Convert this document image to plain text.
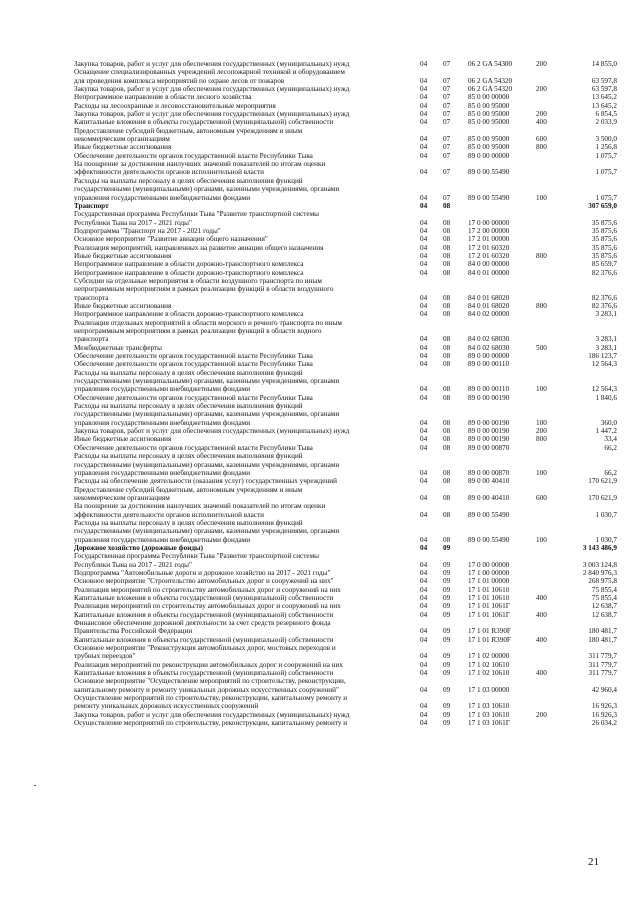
Закупка товаров, работ и услуг для обеспечения государственных (муниципальных) нужд	04 07 06 2 GA 54300	200	14 855,0
Оснащение специализированных учреждений лесопожарной техникой и оборудованием
для проведения комплекса мероприятий по охране лесов от пожаров	04 07 06 2 GA 54320	63 597,8
Закупка товаров, работ и услуг для обеспечения государственных (муниципальных) нужд	04 07 06 2 GA 54320	200	63 597,8
Непрограммное направление в области лесного хозяйства	04 07 85 0 00 00000	13 645,2
Расходы на лесоохранные и лесовосстановительные мероприятия	04 07 85 0 00 95000	13 645,2
Закупка товаров, работ и услуг для обеспечения государственных (муниципальных) нужд	04 07 85 0 00 95000	200	6 854,5
Капитальные вложения в объекты государственной (муниципальной) собственности	04 07 85 0 00 95000	400	2 033,9
Предоставление субсидий бюджетным, автономным учреждениям и иным
некоммерческим организациям	04 07 85 0 00 95000	600	3 500,0
Иные бюджетные ассигнования	04 07 85 0 00 95000	800	1 256,8
Обеспечение деятельности органов государственной власти Республики Тыва	04 07 89 0 00 00000	1 075,7
На поощрение за достижения наилучших значений показателей по итогам оценки
эффективности деятельности органов исполнительной власти	04 07 89 0 00 55490	1 075,7
Расходы на выплаты персоналу в целях обеспечения выполнения функций
государственными (муниципальными) органами, казенными учреждениями, органами
управления государственными внебюджетными фондами	04 07 89 0 00 55490	100	1 075,7
Транспорт	04 08	307 659,0
Государственная программа Республики Тыва "Развитие транспортной системы
Республики Тыва на 2017 - 2021 годы"	04 08 17 0 00 00000	35 875,6
Подпрограмма "Транспорт на 2017 - 2021 годы"	04 08 17 2 00 00000	35 875,6
Основное мероприятие "Развитие авиации общего назначения"	04 08 17 2 01 00000	35 875,6
Реализация мероприятий, направленных на развитие авиации общего назначения	04 08 17 2 01 60320	35 875,6
Иные бюджетные ассигнования	04 08 17 2 01 60320	800	35 875,6
Непрограммное направление в области дорожно-транспортного комплекса	04 08 84 0 00 00000	85 659,7
Непрограммное направление в области дорожно-транспортного комплекса	04 08 84 0 01 00000	82 376,6
Субсидии на отдельные мероприятия в области воздушного транспорта по иным
непрограммным мероприятиям в рамках реализации функций в области воздушного
транспорта	04 08 84 0 01 68020	82 376,6
Иные бюджетные ассигнования	04 08 84 0 01 68020	800	82 376,6
Непрограммное направление в области дорожно-транспортного комплекса	04 08 84 0 02 00000	3 283,1
Реализация отдельных мероприятий в области морского и речного транспорта по иным
непрограммным мероприятиям в рамках реализации функций в области водного
транспорта	04 08 84 0 02 68030	3 283,1
Межбюджетные трансферты	04 08 84 0 02 68030	500	3 283,1
Обеспечение деятельности органов государственной власти Республики Тыва	04 08 89 0 00 00000	186 123,7
Обеспечение деятельности органов государственной власти Республики Тыва	04 08 89 0 00 00110	12 564,3
Расходы на выплаты персоналу в целях обеспечения выполнения функций
государственными (муниципальными) органами, казенными учреждениями, органами
управления государственными внебюджетными фондами	04 08 89 0 00 00110	100	12 564,3
Обеспечение деятельности органов государственной власти Республики Тыва	04 08 89 0 00 00190	1 840,6
Расходы на выплаты персоналу в целях обеспечения выполнения функций
государственными (муниципальными) органами, казенными учреждениями, органами
управления государственными внебюджетными фондами	04 08 89 0 00 00190	100	360,0
Закупка товаров, работ и услуг для обеспечения государственных (муниципальных) нужд	04 08 89 0 00 00190	200	1 447,2
Иные бюджетные ассигнования	04 08 89 0 00 00190	800	33,4
Обеспечение деятельности органов государственной власти Республики Тыва	04 08 89 0 00 00870	66,2
Расходы на выплаты персоналу в целях обеспечения выполнения функций
государственными (муниципальными) органами, казенными учреждениями, органами
управления государственными внебюджетными фондами	04 08 89 0 00 00870	100	66,2
Расходы на обеспечение деятельности (оказания услуг) государственных учреждений	04 08 89 0 00 40410	170 621,9
Предоставление субсидий бюджетным, автономным учреждениям и иным
некоммерческим организациям	04 08 89 0 00 40410	600	170 621,9
На поощрение за достижения наилучших значений показателей по итогам оценки
эффективности деятельности органов исполнительной власти	04 08 89 0 00 55490	1 030,7
Расходы на выплаты персоналу в целях обеспечения выполнения функций
государственными (муниципальными) органами, казенными учреждениями, органами
управления государственными внебюджетными фондами	04 08 89 0 00 55490	100	1 030,7
Дорожное хозяйство (дорожные фонды)	04 09	3 143 486,9
Государственная программа Республики Тыва "Развитие транспортной системы
Республики Тыва на 2017 - 2021 годы"	04 09 17 0 00 00000	3 003 124,8
Подпрограмма "Автомобильные дороги и дорожное хозяйство на 2017 - 2021 годы"	04 09 17 1 00 00000	2 840 976,3
Основное мероприятие "Строительство автомобильных дорог и сооружений на них"	04 09 17 1 01 00000	268 975,8
Реализация мероприятий по строительству автомобильных дорог и сооружений на них	04 09 17 1 01 10610	75 855,4
Капитальные вложения в объекты государственной (муниципальной) собственности	04 09 17 1 01 10610	400	75 855,4
Реализация мероприятий по строительству автомобильных дорог и сооружений на них	04 09 17 1 01 1061Г	12 638,7
Капитальные вложения в объекты государственной (муниципальной) собственности	04 09 17 1 01 1061Г	400	12 638,7
Финансовое обеспечение дорожной деятельности за счет средств резервного фонда
Правительства Российской Федерации	04 09 17 1 01 R390F	180 481,7
Капитальные вложения в объекты государственной (муниципальной) собственности	04 09 17 1 01 R390F	400	180 481,7
Основное мероприятие "Реконструкция автомобильных дорог, мостовых переходов и
трубных переездов"	04 09 17 1 02 00000	311 779,7
Реализация мероприятий по реконструкции автомобильных дорог и сооружений на них	04 09 17 1 02 10610	311 779,7
Капитальные вложения в объекты государственной (муниципальной) собственности	04 09 17 1 02 10610	400	311 779,7
Основное мероприятие "Осуществление мероприятий по строительству, реконструкции,
капитальному ремонту и ремонту уникальных дорожных искусственных сооружений"	04 09 17 1 03 00000	42 960,4
Осуществление мероприятий по строительству, реконструкции, капитальному ремонту и
ремонту уникальных дорожных искусственных сооружений	04 09 17 1 03 10610	16 926,3
Закупка товаров, работ и услуг для обеспечения государственных (муниципальных) нужд	04 09 17 1 03 10610	200	16 926,3
Осуществление мероприятий по строительству, реконструкции, капитальному ремонту и	04 09 17 1 03 1061Г	26 034,2
21
